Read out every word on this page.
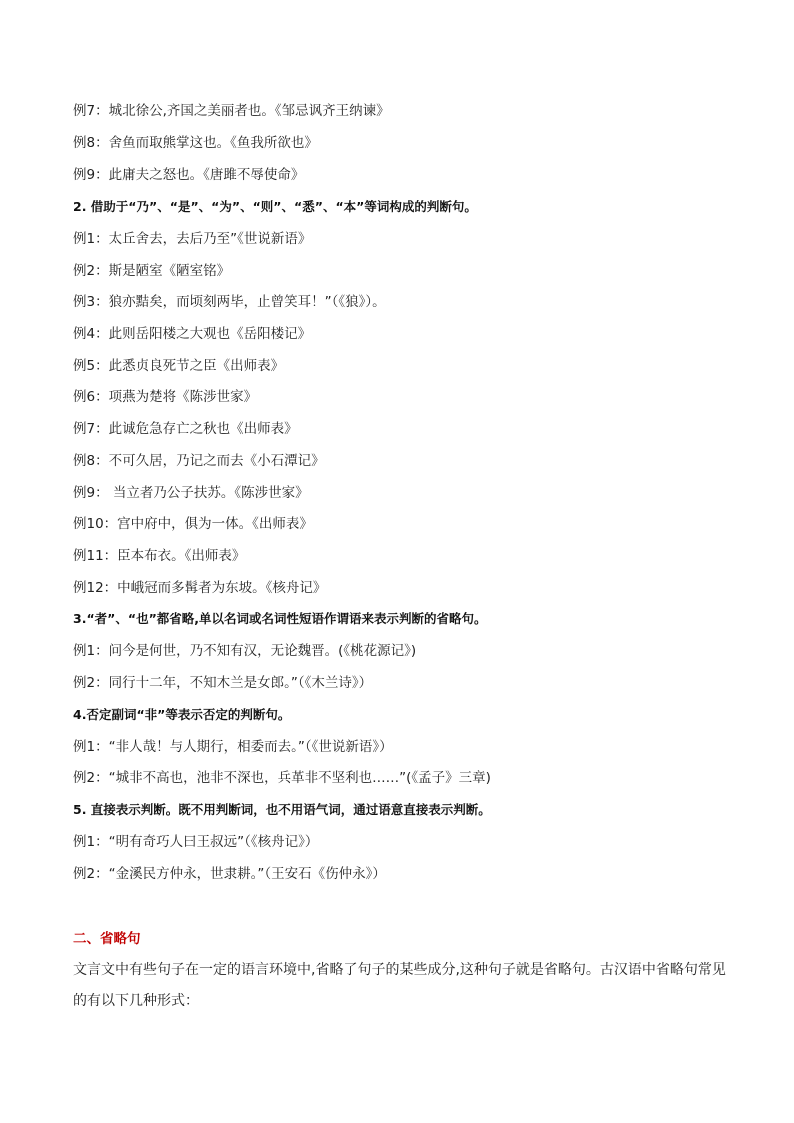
例7：城北徐公,齐国之美丽者也。《邹忌讽齐王纳谏》
例8：舍鱼而取熊掌这也。《鱼我所欲也》
例9：此庸夫之怒也。《唐雎不辱使命》
2. 借助于“乃”、“是”、“为”、“则”、“悉”、“本”等词构成的判断句。
例1：太丘舍去，去后乃至”《世说新语》
例2：斯是陋室《陋室铭》
例3：狼亦黠矣，而顷刻两毕，止曾笑耳！”（《狼》）。
例4：此则岳阳楼之大观也《岳阳楼记》
例5：此悉贞良死节之臣《出师表》
例6：项燕为楚将《陈涉世家》
例7：此诚危急存亡之秋也《出师表》
例8：不可久居，乃记之而去《小石潭记》
例9： 当立者乃公子扶苏。《陈涉世家》
例10：宫中府中，俱为一体。《出师表》
例11：臣本布衣。《出师表》
例12：中峨冠而多髯者为东坡。《核舟记》
3.“者”、“也”都省略,单以名词或名词性短语作谓语来表示判断的省略句。
例1：问今是何世，乃不知有汉，无论魏晋。(《桃花源记》)
例2：同行十二年，不知木兰是女郎。”（《木兰诗》）
4.否定副词“非”等表示否定的判断句。
例1：“非人哉！与人期行，相委而去。”（《世说新语》）
例2：“城非不高也，池非不深也，兵革非不坚利也……”(《孟子》三章)
5. 直接表示判断。既不用判断词，也不用语气词，通过语意直接表示判断。
例1：“明有奇巧人曰王叔远”（《核舟记》）
例2：“金溪民方仲永，世隶耕。”（王安石《伤仲永》）
二、省略句
文言文中有些句子在一定的语言环境中,省略了句子的某些成分,这种句子就是省略句。古汉语中省略句常见的有以下几种形式：
